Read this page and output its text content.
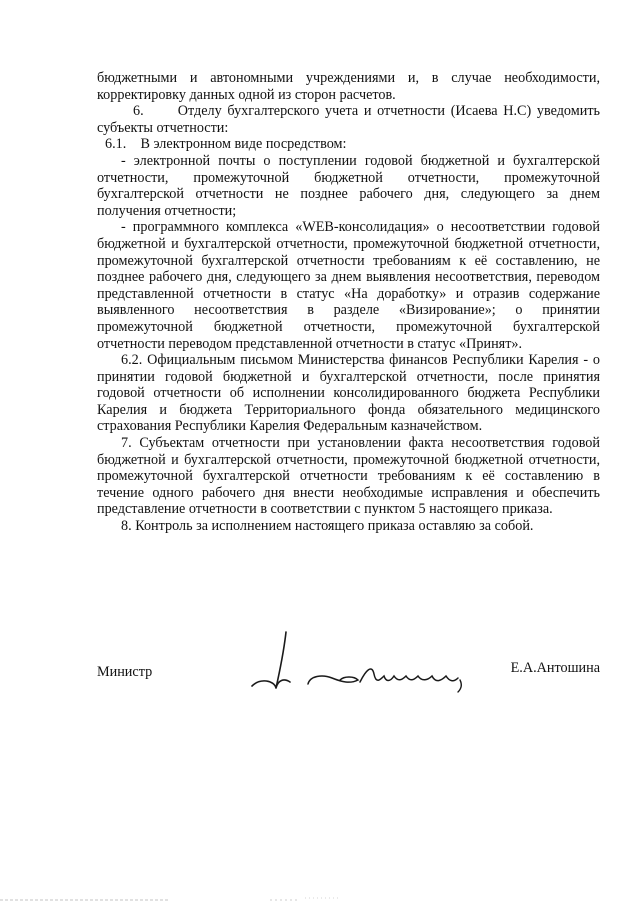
бюджетными и автономными учреждениями и, в случае необходимости, корректировку данных одной из сторон расчетов.

6.      Отделу бухгалтерского учета и отчетности (Исаева Н.С) уведомить субъекты отчетности:

6.1.    В электронном виде посредством:

- электронной почты о поступлении годовой бюджетной и бухгалтерской отчетности, промежуточной бюджетной отчетности, промежуточной бухгалтерской отчетности не позднее рабочего дня, следующего за днем получения отчетности;

- программного комплекса «WEB-консолидация» о несоответствии годовой бюджетной и бухгалтерской отчетности, промежуточной бюджетной отчетности, промежуточной бухгалтерской отчетности требованиям к её составлению, не позднее рабочего дня, следующего за днем выявления несоответствия, переводом представленной отчетности в статус «На доработку» и отразив содержание выявленного несоответствия в разделе «Визирование»; о принятии промежуточной бюджетной отчетности, промежуточной бухгалтерской отчетности переводом представленной отчетности в статус «Принят».

6.2. Официальным письмом Министерства финансов Республики Карелия - о принятии годовой бюджетной и бухгалтерской отчетности, после принятия годовой отчетности об исполнении консолидированного бюджета Республики Карелия и бюджета Территориального фонда обязательного медицинского страхования Республики Карелия Федеральным казначейством.

7. Субъектам отчетности при установлении факта несоответствия годовой бюджетной и бухгалтерской отчетности, промежуточной бюджетной отчетности, промежуточной бухгалтерской отчетности требованиям к её составлению в течение одного рабочего дня внести необходимые исправления и обеспечить представление отчетности в соответствии с пунктом 5 настоящего приказа.

8. Контроль за исполнением настоящего приказа оставляю за собой.

Министр	Е.А.Антошина
